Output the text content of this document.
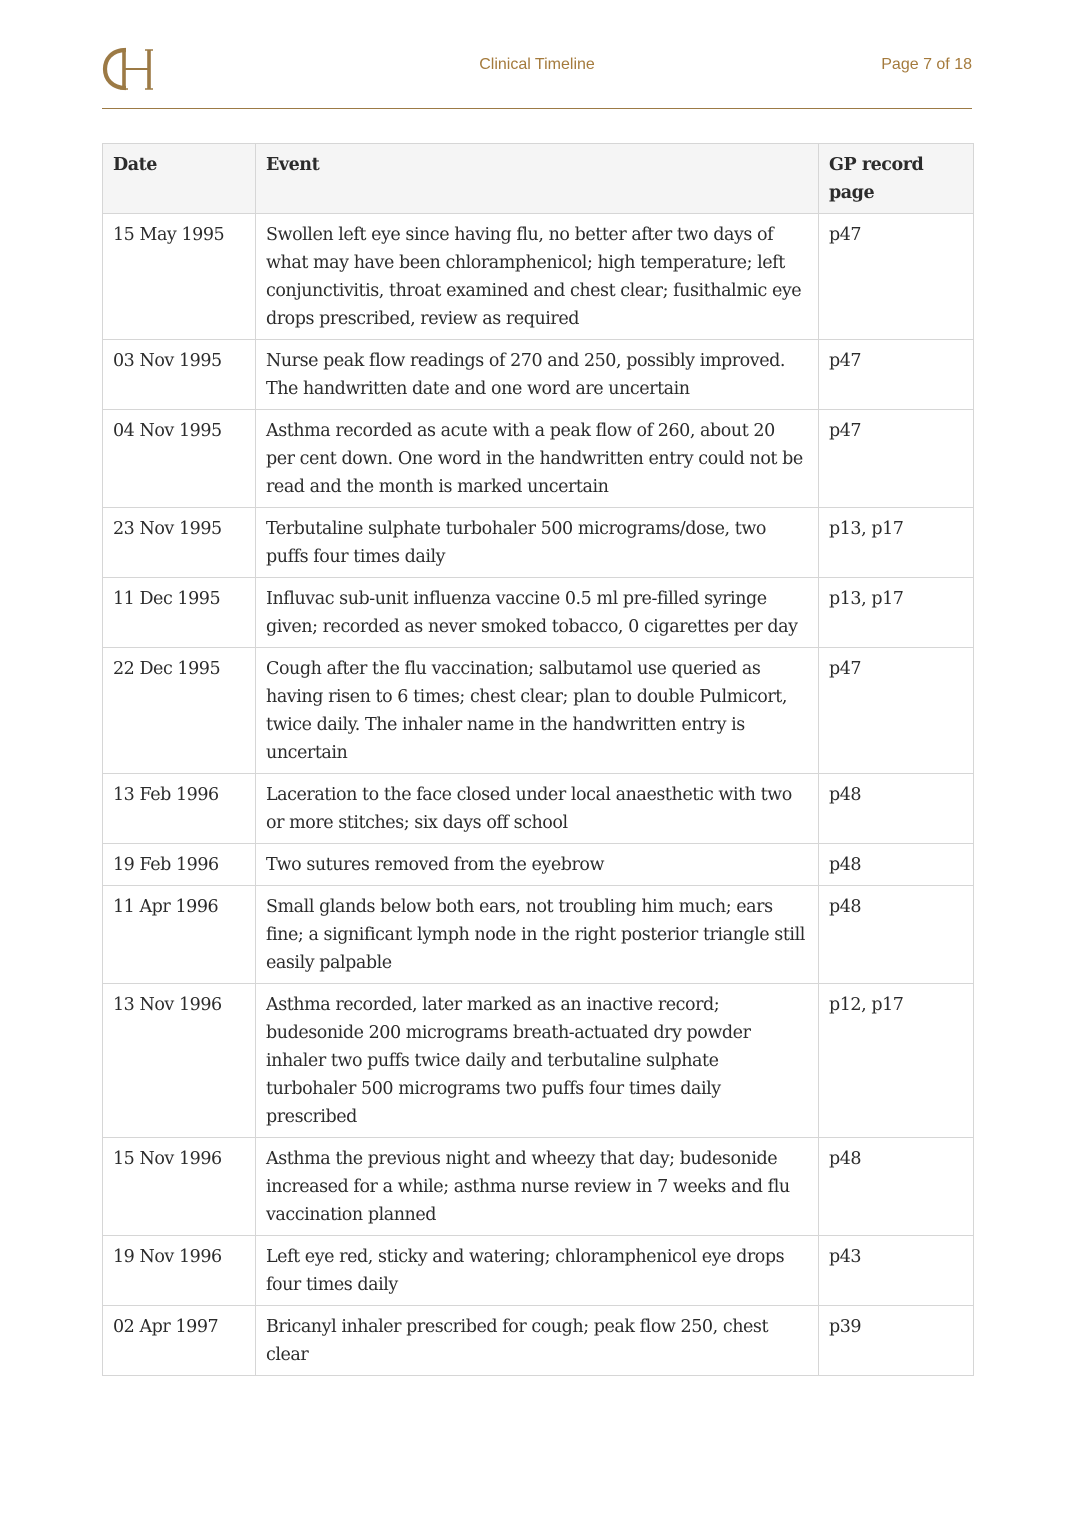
Clinical Timeline	Page 7 of 18
Date	Event	GP record page
15 May 1995	Swollen left eye since having flu, no better after two days of what may have been chloramphenicol; high temperature; left conjunctivitis, throat examined and chest clear; fusithalmic eye drops prescribed, review as required	p47
03 Nov 1995	Nurse peak flow readings of 270 and 250, possibly improved. The handwritten date and one word are uncertain	p47
04 Nov 1995	Asthma recorded as acute with a peak flow of 260, about 20 per cent down. One word in the handwritten entry could not be read and the month is marked uncertain	p47
23 Nov 1995	Terbutaline sulphate turbohaler 500 micrograms/dose, two puffs four times daily	p13, p17
11 Dec 1995	Influvac sub-unit influenza vaccine 0.5 ml pre-filled syringe given; recorded as never smoked tobacco, 0 cigarettes per day	p13, p17
22 Dec 1995	Cough after the flu vaccination; salbutamol use queried as having risen to 6 times; chest clear; plan to double Pulmicort, twice daily. The inhaler name in the handwritten entry is uncertain	p47
13 Feb 1996	Laceration to the face closed under local anaesthetic with two or more stitches; six days off school	p48
19 Feb 1996	Two sutures removed from the eyebrow	p48
11 Apr 1996	Small glands below both ears, not troubling him much; ears fine; a significant lymph node in the right posterior triangle still easily palpable	p48
13 Nov 1996	Asthma recorded, later marked as an inactive record; budesonide 200 micrograms breath-actuated dry powder inhaler two puffs twice daily and terbutaline sulphate turbohaler 500 micrograms two puffs four times daily prescribed	p12, p17
15 Nov 1996	Asthma the previous night and wheezy that day; budesonide increased for a while; asthma nurse review in 7 weeks and flu vaccination planned	p48
19 Nov 1996	Left eye red, sticky and watering; chloramphenicol eye drops four times daily	p43
02 Apr 1997	Bricanyl inhaler prescribed for cough; peak flow 250, chest clear	p39
